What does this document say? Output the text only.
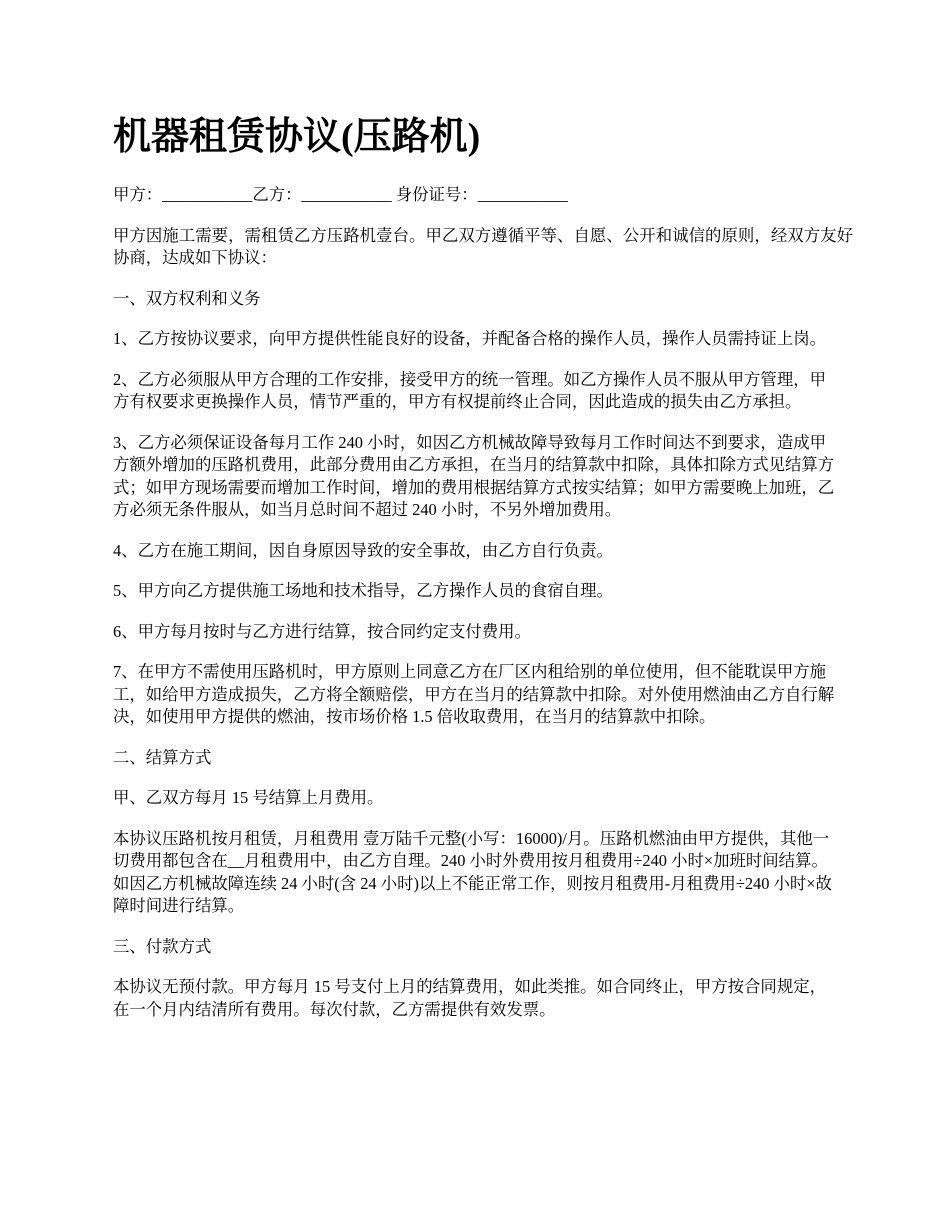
机器租赁协议(压路机)

甲方：___________乙方：___________ 身份证号：___________

甲方因施工需要，需租赁乙方压路机壹台。甲乙双方遵循平等、自愿、公开和诚信的原则，经双方友好协商，达成如下协议：

一、双方权利和义务

1、乙方按协议要求，向甲方提供性能良好的设备，并配备合格的操作人员，操作人员需持证上岗。

2、乙方必须服从甲方合理的工作安排，接受甲方的统一管理。如乙方操作人员不服从甲方管理，甲方有权要求更换操作人员，情节严重的，甲方有权提前终止合同，因此造成的损失由乙方承担。

3、乙方必须保证设备每月工作 240 小时，如因乙方机械故障导致每月工作时间达不到要求，造成甲方额外增加的压路机费用，此部分费用由乙方承担，在当月的结算款中扣除，具体扣除方式见结算方式；如甲方现场需要而增加工作时间，增加的费用根据结算方式按实结算；如甲方需要晚上加班，乙方必须无条件服从，如当月总时间不超过 240 小时，不另外增加费用。

4、乙方在施工期间，因自身原因导致的安全事故，由乙方自行负责。

5、甲方向乙方提供施工场地和技术指导，乙方操作人员的食宿自理。

6、甲方每月按时与乙方进行结算，按合同约定支付费用。

7、在甲方不需使用压路机时，甲方原则上同意乙方在厂区内租给别的单位使用，但不能耽误甲方施工，如给甲方造成损失，乙方将全额赔偿，甲方在当月的结算款中扣除。对外使用燃油由乙方自行解决，如使用甲方提供的燃油，按市场价格 1.5 倍收取费用，在当月的结算款中扣除。

二、结算方式

甲、乙双方每月 15 号结算上月费用。

本协议压路机按月租赁，月租费用 壹万陆千元整(小写：16000)/月。压路机燃油由甲方提供，其他一切费用都包含在__月租费用中，由乙方自理。240 小时外费用按月租费用÷240 小时×加班时间结算。如因乙方机械故障连续 24 小时(含 24 小时)以上不能正常工作，则按月租费用-月租费用÷240 小时×故障时间进行结算。

三、付款方式

本协议无预付款。甲方每月 15 号支付上月的结算费用，如此类推。如合同终止，甲方按合同规定，在一个月内结清所有费用。每次付款，乙方需提供有效发票。
